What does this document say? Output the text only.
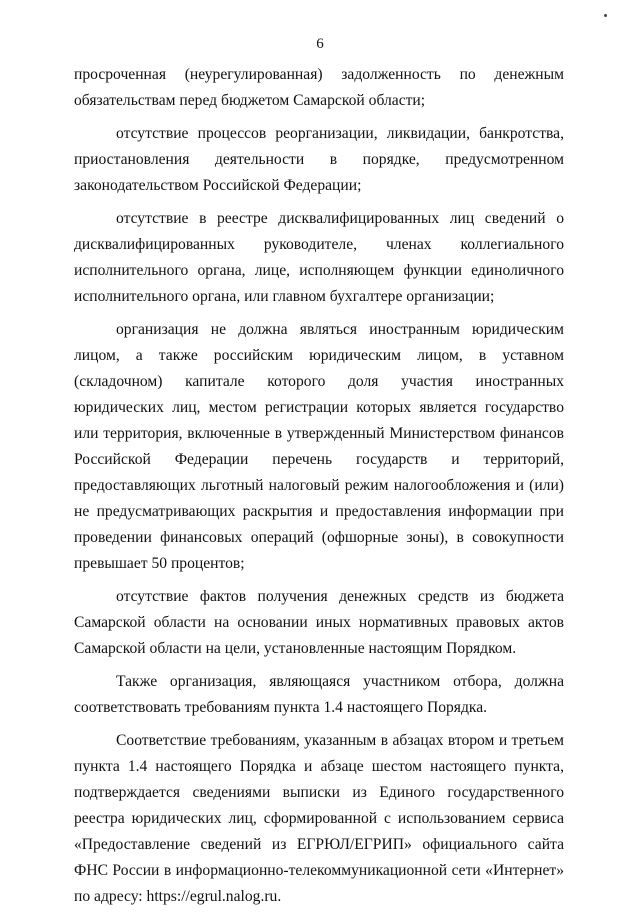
6

просроченная (неурегулированная) задолженность по денежным обязательствам перед бюджетом Самарской области;

отсутствие процессов реорганизации, ликвидации, банкротства, приостановления деятельности в порядке, предусмотренном законодательством Российской Федерации;

отсутствие в реестре дисквалифицированных лиц сведений о дисквалифицированных руководителе, членах коллегиального исполнительного органа, лице, исполняющем функции единоличного исполнительного органа, или главном бухгалтере организации;

организация не должна являться иностранным юридическим лицом, а также российским юридическим лицом, в уставном (складочном) капитале которого доля участия иностранных юридических лиц, местом регистрации которых является государство или территория, включенные в утвержденный Министерством финансов Российской Федерации перечень государств и территорий, предоставляющих льготный налоговый режим налогообложения и (или) не предусматривающих раскрытия и предоставления информации при проведении финансовых операций (офшорные зоны), в совокупности превышает 50 процентов;

отсутствие фактов получения денежных средств из бюджета Самарской области на основании иных нормативных правовых актов Самарской области на цели, установленные настоящим Порядком.

Также организация, являющаяся участником отбора, должна соответствовать требованиям пункта 1.4 настоящего Порядка.

Соответствие требованиям, указанным в абзацах втором и третьем пункта 1.4 настоящего Порядка и абзаце шестом настоящего пункта, подтверждается сведениями выписки из Единого государственного реестра юридических лиц, сформированной с использованием сервиса «Предоставление сведений из ЕГРЮЛ/ЕГРИП» официального сайта ФНС России в информационно-телекоммуникационной сети «Интернет» по адресу: https://egrul.nalog.ru.
